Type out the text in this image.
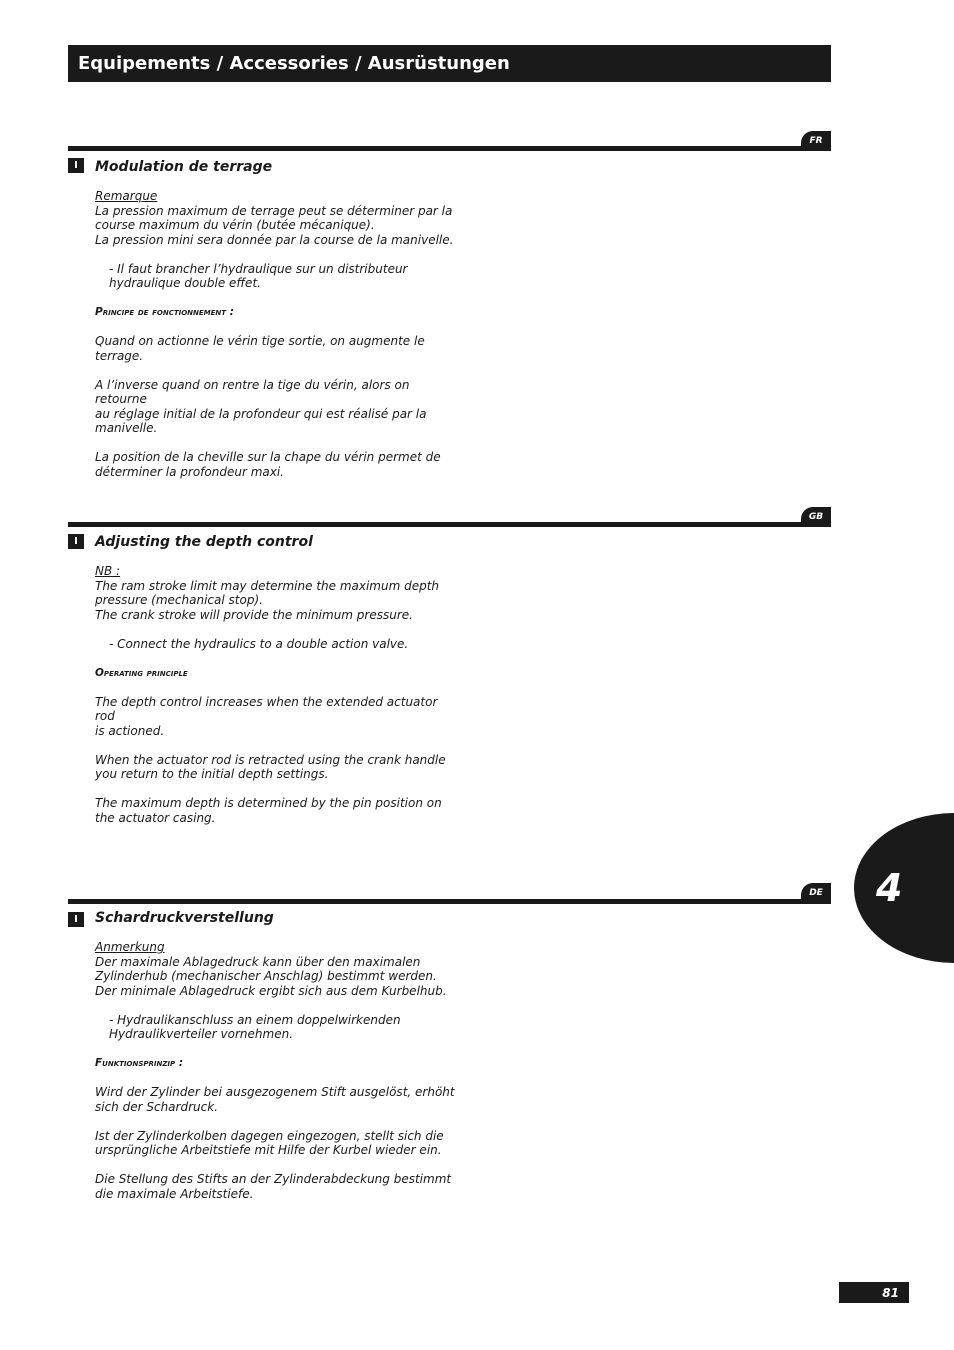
Equipements / Accessories / Ausrüstungen
FR
I	Modulation de terrage

Remarque

La pression maximum de terrage peut se déterminer par la
course maximum du vérin (butée mécanique).
La pression mini sera donnée par la course de la manivelle.

- Il faut brancher l’hydraulique sur un distributeur
hydraulique double effet.

Principe de fonctionnement :

Quand on actionne le vérin tige sortie, on augmente le
terrage.

A l’inverse quand on rentre la tige du vérin, alors on retourne
au réglage initial de la profondeur qui est réalisé par la
manivelle.

La position de la cheville sur la chape du vérin permet de
déterminer la profondeur maxi.

GB
I	Adjusting the depth control

NB :

The ram stroke limit may determine the maximum depth
pressure (mechanical stop).
The crank stroke will provide the minimum pressure.

- Connect the hydraulics to a double action valve.

Operating principle

The depth control increases when the extended actuator rod
is actioned.

When the actuator rod is retracted using the crank handle
you return to the initial depth settings.

The maximum depth is determined by the pin position on
the actuator casing.

DE
I	Schardruckverstellung

Anmerkung

Der maximale Ablagedruck kann über den maximalen
Zylinderhub (mechanischer Anschlag) bestimmt werden.
Der minimale Ablagedruck ergibt sich aus dem Kurbelhub.

- Hydraulikanschluss an einem doppelwirkenden
Hydraulikverteiler vornehmen.

Funktionsprinzip :

Wird der Zylinder bei ausgezogenem Stift ausgelöst, erhöht
sich der Schardruck.

Ist der Zylinderkolben dagegen eingezogen, stellt sich die
ursprüngliche Arbeitstiefe mit Hilfe der Kurbel wieder ein.

Die Stellung des Stifts an der Zylinderabdeckung bestimmt
die maximale Arbeitstiefe.

4
81
